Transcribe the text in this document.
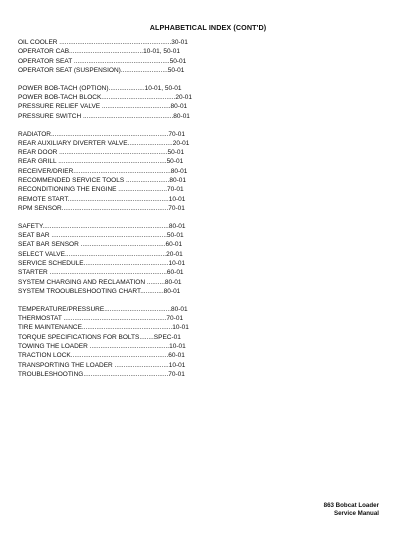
ALPHABETICAL INDEX (CONT'D)
OIL COOLER ..............................................................30-01
OPERATOR CAB.........................................10-01, 50-01
OPERATOR SEAT .....................................................50-01
OPERATOR SEAT (SUSPENSION)..........................50-01
POWER BOB-TACH (OPTION)....................10-01, 50-01
POWER BOB-TACH BLOCK.........................................20-01
PRESSURE RELIEF VALVE ......................................80-01
PRESSURE SWITCH ..................................................80-01
RADIATOR.................................................................70-01
REAR AUXILIARY DIVERTER VALVE.........................20-01
REAR DOOR ............................................................50-01
REAR GRILL ............................................................50-01
RECEIVER/DRIER......................................................80-01
RECOMMENDED SERVICE TOOLS ........................80-01
RECONDITIONING THE ENGINE ...........................70-01
REMOTE START........................................................10-01
RPM SENSOR...........................................................70-01
SAFETY......................................................................80-01
SEAT BAR ................................................................50-01
SEAT BAR SENSOR ...............................................60-01
SELECT VALVE........................................................20-01
SERVICE SCHEDULE...............................................10-01
STARTER .................................................................60-01
SYSTEM CHARGING AND RECLAMATION ..........80-01
SYSTEM TROOUBLESHOOTING CHART.............80-01
TEMPERATURE/PRESSURE.....................................80-01
THERMOSTAT .........................................................70-01
TIRE MAINTENANCE..................................................10-01
TORQUE SPECIFICATIONS FOR BOLTS........SPEC-01
TOWING THE LOADER ............................................10-01
TRACTION LOCK......................................................60-01
TRANSPORTING THE LOADER ..............................10-01
TROUBLESHOOTING...............................................70-01
863 Bobcat Loader
Service Manual
